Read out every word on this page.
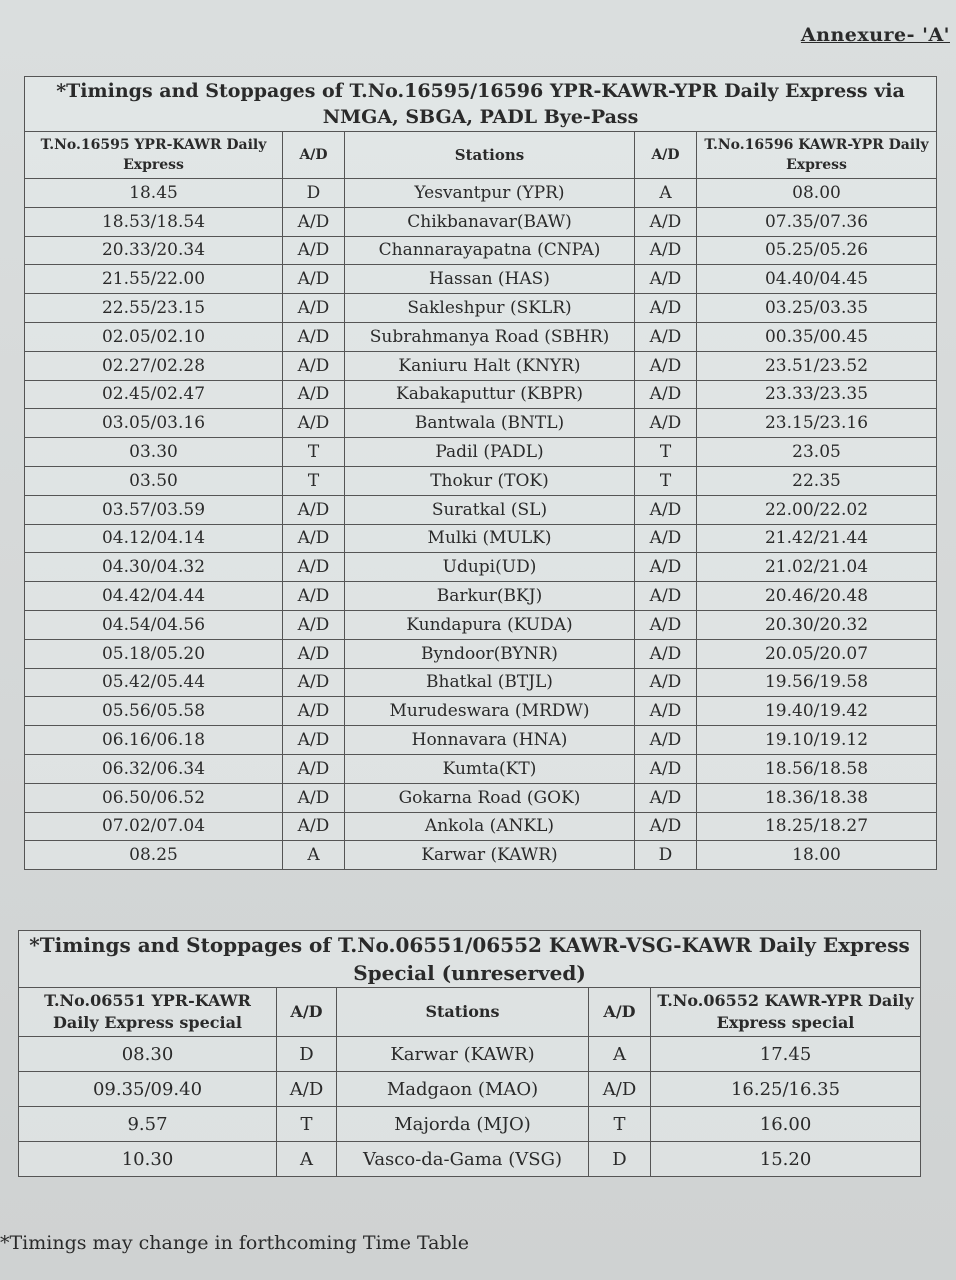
Annexure- 'A'
*Timings and Stoppages of T.No.16595/16596 YPR-KAWR-YPR Daily Express via NMGA, SBGA, PADL Bye-Pass				
T.No.16595 YPR-KAWR Daily Express	A/D	Stations	A/D	T.No.16596 KAWR-YPR Daily Express
18.45	D	Yesvantpur (YPR)	A	08.00
18.53/18.54	A/D	Chikbanavar(BAW)	A/D	07.35/07.36
20.33/20.34	A/D	Channarayapatna (CNPA)	A/D	05.25/05.26
21.55/22.00	A/D	Hassan (HAS)	A/D	04.40/04.45
22.55/23.15	A/D	Sakleshpur (SKLR)	A/D	03.25/03.35
02.05/02.10	A/D	Subrahmanya Road (SBHR)	A/D	00.35/00.45
02.27/02.28	A/D	Kaniuru Halt (KNYR)	A/D	23.51/23.52
02.45/02.47	A/D	Kabakaputtur (KBPR)	A/D	23.33/23.35
03.05/03.16	A/D	Bantwala (BNTL)	A/D	23.15/23.16
03.30	T	Padil (PADL)	T	23.05
03.50	T	Thokur (TOK)	T	22.35
03.57/03.59	A/D	Suratkal (SL)	A/D	22.00/22.02
04.12/04.14	A/D	Mulki (MULK)	A/D	21.42/21.44
04.30/04.32	A/D	Udupi(UD)	A/D	21.02/21.04
04.42/04.44	A/D	Barkur(BKJ)	A/D	20.46/20.48
04.54/04.56	A/D	Kundapura (KUDA)	A/D	20.30/20.32
05.18/05.20	A/D	Byndoor(BYNR)	A/D	20.05/20.07
05.42/05.44	A/D	Bhatkal (BTJL)	A/D	19.56/19.58
05.56/05.58	A/D	Murudeswara (MRDW)	A/D	19.40/19.42
06.16/06.18	A/D	Honnavara (HNA)	A/D	19.10/19.12
06.32/06.34	A/D	Kumta(KT)	A/D	18.56/18.58
06.50/06.52	A/D	Gokarna Road (GOK)	A/D	18.36/18.38
07.02/07.04	A/D	Ankola (ANKL)	A/D	18.25/18.27
08.25	A	Karwar (KAWR)	D	18.00
*Timings and Stoppages of T.No.06551/06552 KAWR-VSG-KAWR Daily Express Special (unreserved)				
T.No.06551 YPR-KAWR Daily Express special	A/D	Stations	A/D	T.No.06552 KAWR-YPR Daily Express special
08.30	D	Karwar (KAWR)	A	17.45
09.35/09.40	A/D	Madgaon (MAO)	A/D	16.25/16.35
9.57	T	Majorda (MJO)	T	16.00
10.30	A	Vasco-da-Gama (VSG)	D	15.20
*Timings may change in forthcoming Time Table
